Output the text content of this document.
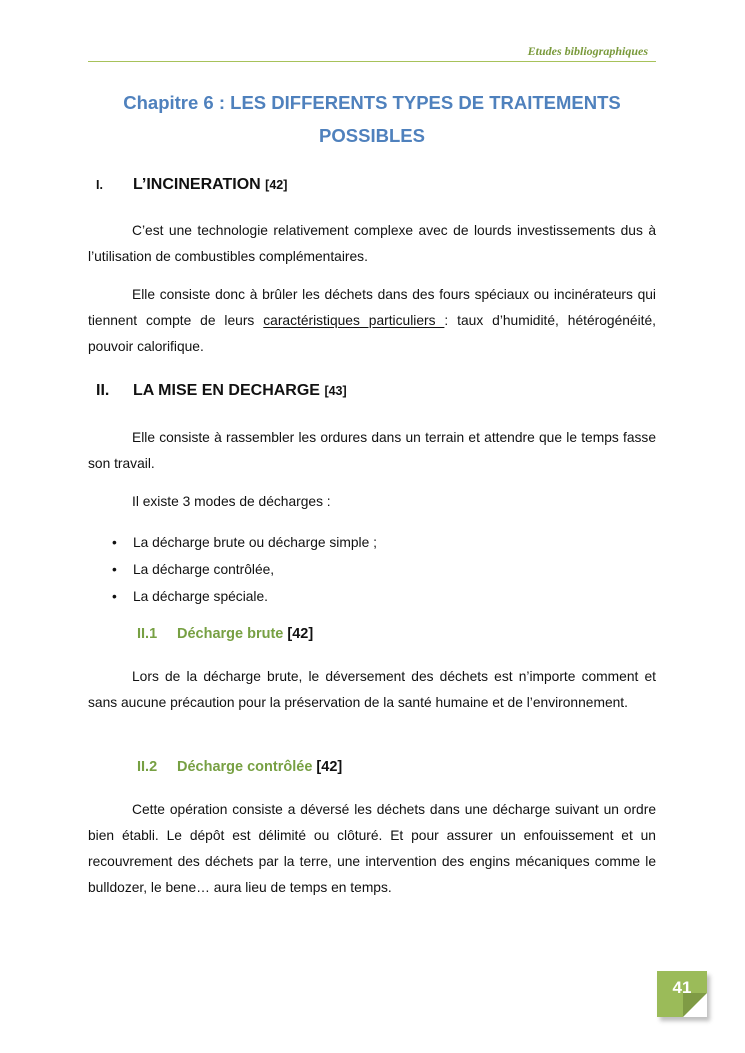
Etudes bibliographiques
Chapitre 6 : LES DIFFERENTS TYPES DE TRAITEMENTS
POSSIBLES
I. L’INCINERATION [42]
C’est une technologie relativement complexe avec de lourds investissements dus à l’utilisation de combustibles complémentaires.
Elle consiste donc à brûler les déchets dans des fours spéciaux ou incinérateurs qui tiennent compte de leurs caractéristiques particuliers : taux d’humidité, hétérogénéité, pouvoir calorifique.
II. LA MISE EN DECHARGE [43]
Elle consiste à rassembler les ordures dans un terrain et attendre que le temps fasse son travail.
Il existe 3 modes de décharges :
• La décharge brute ou décharge simple ;
• La décharge contrôlée,
• La décharge spéciale.
II.1 Décharge brute [42]
Lors de la décharge brute, le déversement des déchets est n’importe comment et sans aucune précaution pour la préservation de la santé humaine et de l’environnement.
II.2 Décharge contrôlée [42]
Cette opération consiste a déversé les déchets dans une décharge suivant un ordre bien établi. Le dépôt est délimité ou clôturé. Et pour assurer un enfouissement et un recouvrement des déchets par la terre, une intervention des engins mécaniques comme le bulldozer, le bene… aura lieu de temps en temps.
41
